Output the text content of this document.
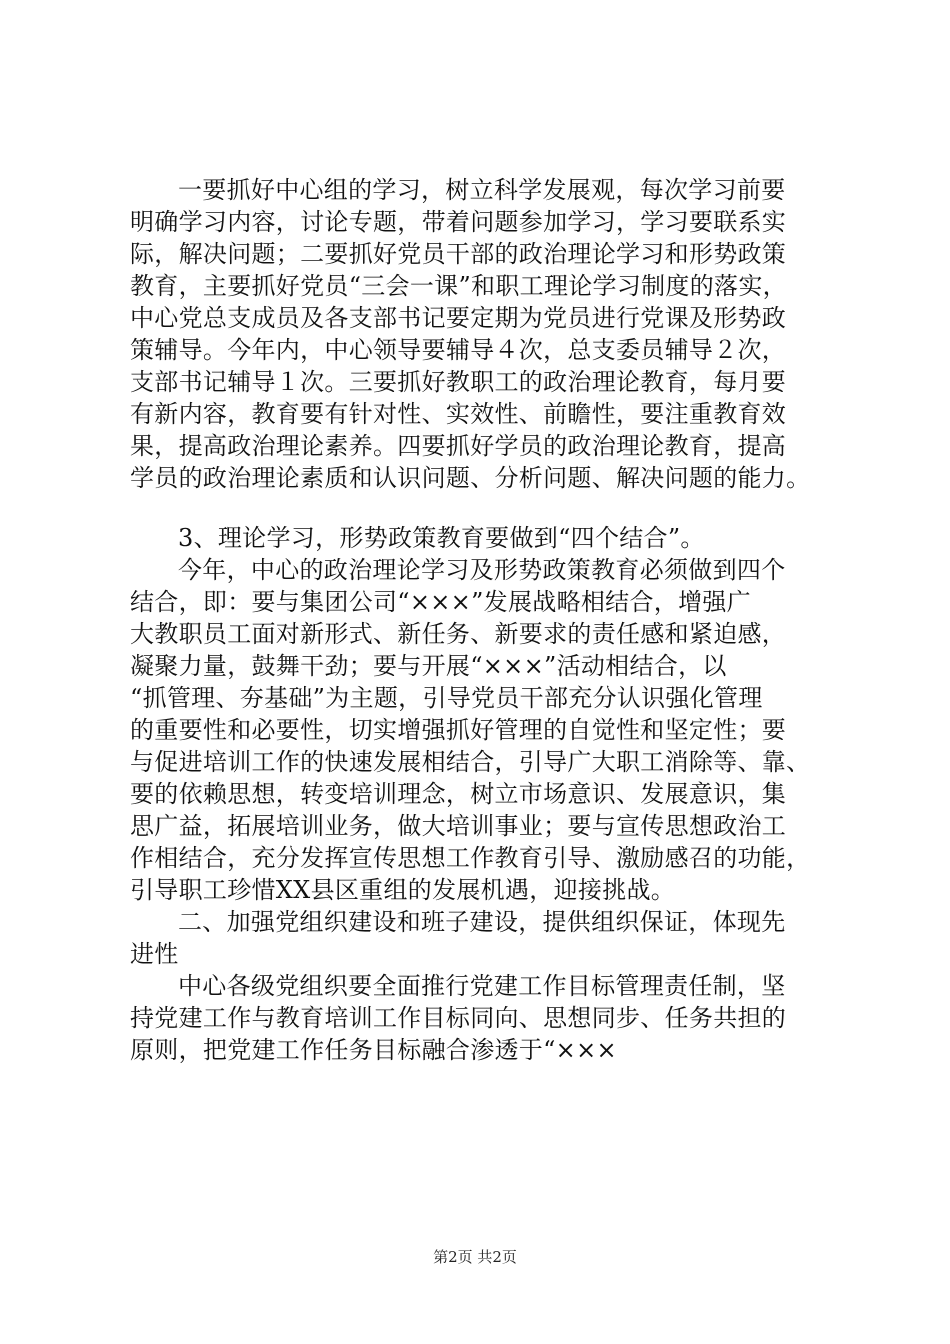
一要抓好中心组的学习，树立科学发展观，每次学习前要
明确学习内容，讨论专题，带着问题参加学习，学习要联系实
际，解决问题；二要抓好党员干部的政治理论学习和形势政策
教育，主要抓好党员“三会一课”和职工理论学习制度的落实，
中心党总支成员及各支部书记要定期为党员进行党课及形势政
策辅导。今年内，中心领导要辅导４次，总支委员辅导２次，
支部书记辅导１次。三要抓好教职工的政治理论教育，每月要
有新内容，教育要有针对性、实效性、前瞻性，要注重教育效
果，提高政治理论素养。四要抓好学员的政治理论教育，提高
学员的政治理论素质和认识问题、分析问题、解决问题的能力。
3、理论学习，形势政策教育要做到“四个结合”。
今年，中心的政治理论学习及形势政策教育必须做到四个
结合，即：要与集团公司“×××”发展战略相结合，增强广
大教职员工面对新形式、新任务、新要求的责任感和紧迫感，
凝聚力量，鼓舞干劲；要与开展“×××”活动相结合，以
“抓管理、夯基础”为主题，引导党员干部充分认识强化管理
的重要性和必要性，切实增强抓好管理的自觉性和坚定性；要
与促进培训工作的快速发展相结合，引导广大职工消除等、靠、
要的依赖思想，转变培训理念，树立市场意识、发展意识，集
思广益，拓展培训业务，做大培训事业；要与宣传思想政治工
作相结合，充分发挥宣传思想工作教育引导、激励感召的功能，
引导职工珍惜XX县区重组的发展机遇，迎接挑战。
二、加强党组织建设和班子建设，提供组织保证，体现先
进性
中心各级党组织要全面推行党建工作目标管理责任制，坚
持党建工作与教育培训工作目标同向、思想同步、任务共担的
原则，把党建工作任务目标融合渗透于“×××
第2页 共2页
